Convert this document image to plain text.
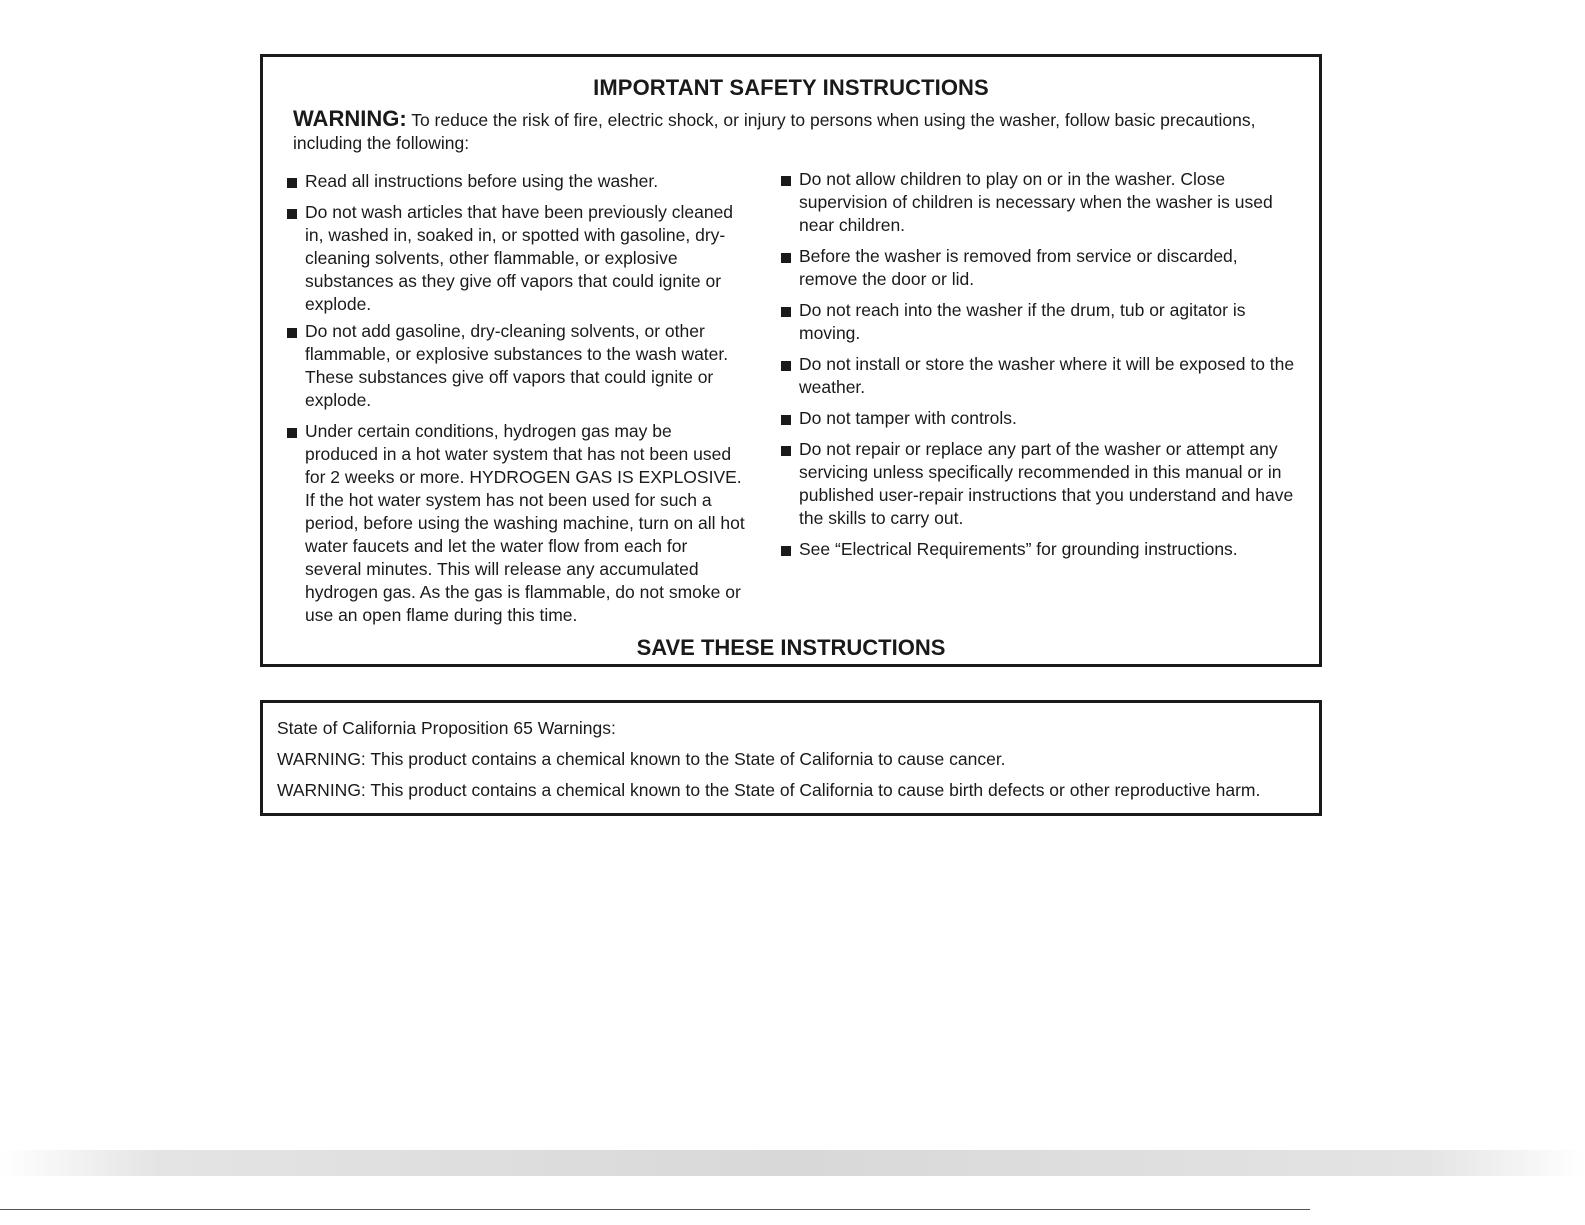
IMPORTANT SAFETY INSTRUCTIONS
WARNING: To reduce the risk of fire, electric shock, or injury to persons when using the washer, follow basic precautions, including the following:
Read all instructions before using the washer.
Do not wash articles that have been previously cleaned in, washed in, soaked in, or spotted with gasoline, dry-cleaning solvents, other flammable, or explosive substances as they give off vapors that could ignite or explode.
Do not add gasoline, dry-cleaning solvents, or other flammable, or explosive substances to the wash water. These substances give off vapors that could ignite or explode.
Under certain conditions, hydrogen gas may be produced in a hot water system that has not been used for 2 weeks or more. HYDROGEN GAS IS EXPLOSIVE. If the hot water system has not been used for such a period, before using the washing machine, turn on all hot water faucets and let the water flow from each for several minutes. This will release any accumulated hydrogen gas. As the gas is flammable, do not smoke or use an open flame during this time.
Do not allow children to play on or in the washer. Close supervision of children is necessary when the washer is used near children.
Before the washer is removed from service or discarded, remove the door or lid.
Do not reach into the washer if the drum, tub or agitator is moving.
Do not install or store the washer where it will be exposed to the weather.
Do not tamper with controls.
Do not repair or replace any part of the washer or attempt any servicing unless specifically recommended in this manual or in published user-repair instructions that you understand and have the skills to carry out.
See “Electrical Requirements” for grounding instructions.
SAVE THESE INSTRUCTIONS
State of California Proposition 65 Warnings:
WARNING: This product contains a chemical known to the State of California to cause cancer.
WARNING: This product contains a chemical known to the State of California to cause birth defects or other reproductive harm.
